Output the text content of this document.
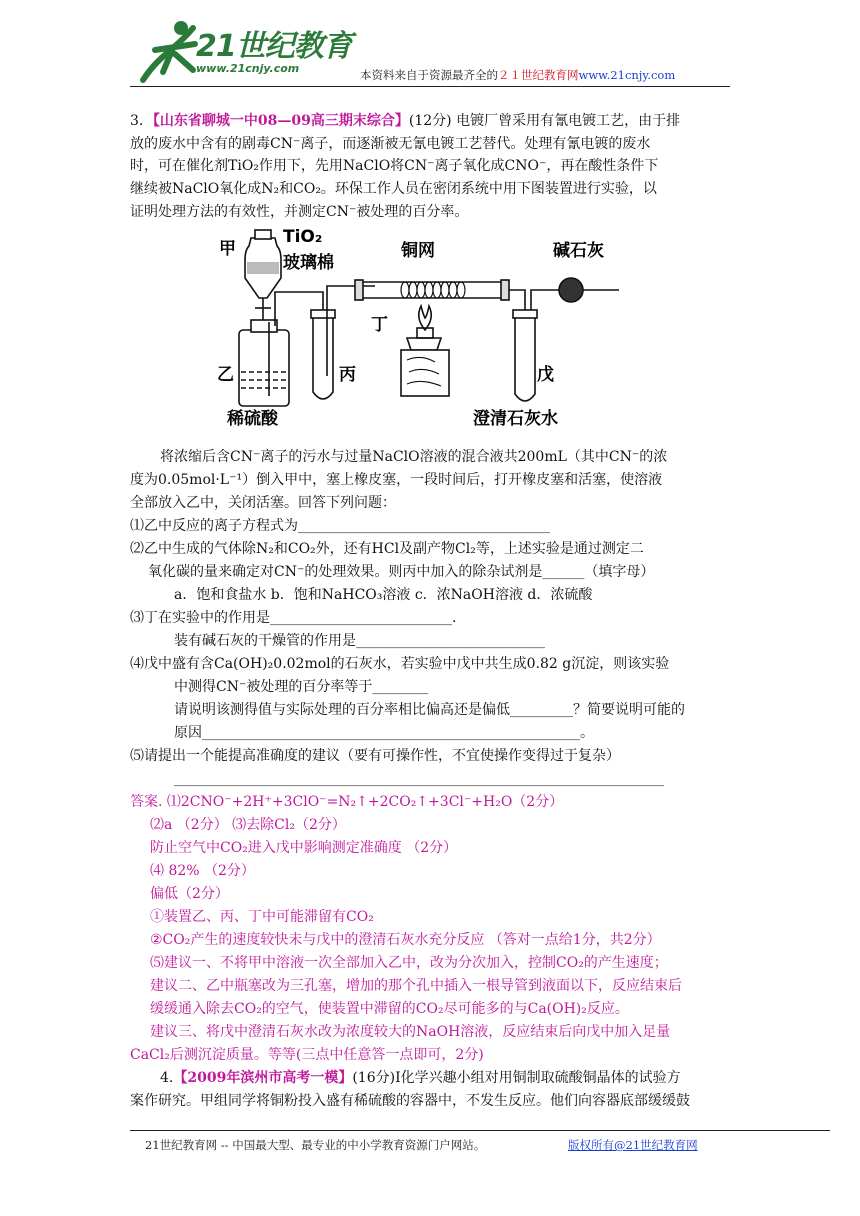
21世纪教育
www.21cnjy.com	本资料来自于资源最齐全的２１世纪教育网www.21cnjy.com
3．【山东省聊城一中08—09高三期末综合】(12分) 电镀厂曾采用有氰电镀工艺，由于排
放的废水中含有的剧毒CN⁻离子，而逐渐被无氰电镀工艺替代。处理有氰电镀的废水
时，可在催化剂TiO₂作用下，先用NaClO将CN⁻离子氧化成CNO⁻，再在酸性条件下
继续被NaClO氧化成N₂和CO₂。环保工作人员在密闭系统中用下图装置进行实验，以
证明处理方法的有效性，并测定CN⁻被处理的百分率。
甲
TiO₂
玻璃棉
铜网	碱石灰
丁
乙	丙	戊
稀硫酸	澄清石灰水
将浓缩后含CN⁻离子的污水与过量NaClO溶液的混合液共200mL（其中CN⁻的浓
度为0.05mol·L⁻¹）倒入甲中，塞上橡皮塞，一段时间后，打开橡皮塞和活塞，使溶液
全部放入乙中，关闭活塞。回答下列问题：
⑴乙中反应的离子方程式为____________________________________
⑵乙中生成的气体除N₂和CO₂外，还有HCl及副产物Cl₂等，上述实验是通过测定二
氧化碳的量来确定对CN⁻的处理效果。则丙中加入的除杂试剂是______（填字母）
a．饱和食盐水 b．饱和NaHCO₃溶液 c．浓NaOH溶液 d．浓硫酸
⑶丁在实验中的作用是__________________________.
装有碱石灰的干燥管的作用是___________________________
⑷戊中盛有含Ca(OH)₂0.02mol的石灰水，若实验中戊中共生成0.82 g沉淀，则该实验
中测得CN⁻被处理的百分率等于________
请说明该测得值与实际处理的百分率相比偏高还是偏低_________？简要说明可能的
原因______________________________________________________。
⑸请提出一个能提高准确度的建议（要有可操作性，不宜使操作变得过于复杂）
______________________________________________________________________
答案. ⑴2CNO⁻+2H⁺+3ClO⁻=N₂↑+2CO₂↑+3Cl⁻+H₂O（2分）
⑵a （2分） ⑶去除Cl₂（2分）
防止空气中CO₂进入戊中影响测定准确度 （2分）
⑷ 82% （2分）
偏低（2分）
①装置乙、丙、丁中可能滞留有CO₂
②CO₂产生的速度较快未与戊中的澄清石灰水充分反应 （答对一点给1分，共2分）
⑸建议一、不将甲中溶液一次全部加入乙中，改为分次加入，控制CO₂的产生速度；
建议二、乙中瓶塞改为三孔塞，增加的那个孔中插入一根导管到液面以下，反应结束后
缓缓通入除去CO₂的空气，使装置中滞留的CO₂尽可能多的与Ca(OH)₂反应。
建议三、将戊中澄清石灰水改为浓度较大的NaOH溶液，反应结束后向戊中加入足量
CaCl₂后测沉淀质量。等等(三点中任意答一点即可，2分)
4.【2009年滨州市高考一模】(16分)Ⅰ化学兴趣小组对用铜制取硫酸铜晶体的试验方
案作研究。甲组同学将铜粉投入盛有稀硫酸的容器中，不发生反应。他们向容器底部缓缓鼓
21世纪教育网 -- 中国最大型、最专业的中小学教育资源门户网站。	版权所有@21世纪教育网
